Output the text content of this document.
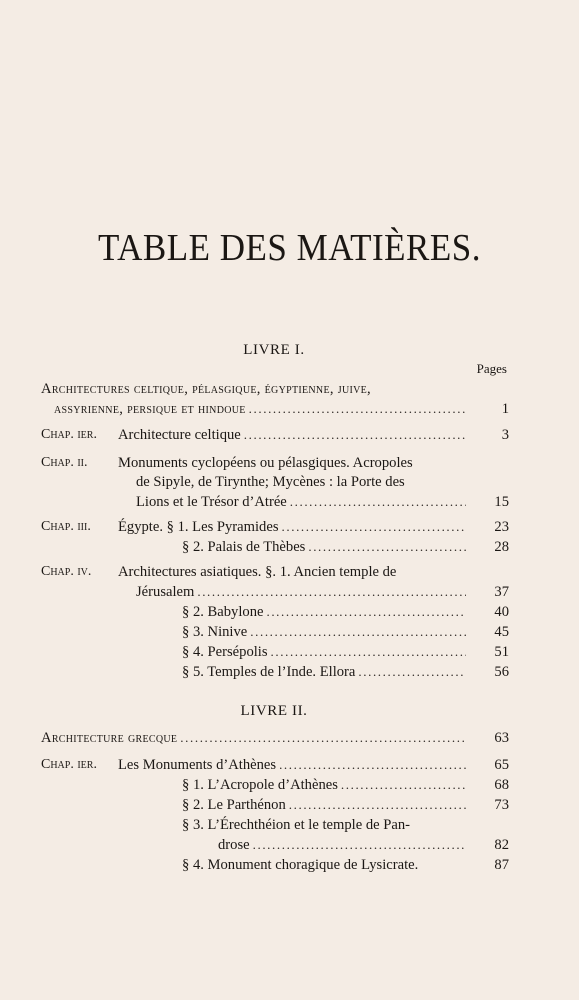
TABLE DES MATIÈRES.
LIVRE I.
Pages
Architectures celtique, pélasgique, égyptienne, juive,
assyrienne, persique et hindoue .....	1
Chap. ier. Architecture celtique .....	3
Chap. ii. Monuments cyclopéens ou pélasgiques. Acropoles
de Sipyle, de Tirynthe; Mycènes : la Porte des
Lions et le Trésor d’Atrée .....	15
Chap. iii. Égypte. § 1. Les Pyramides .....	23
§ 2. Palais de Thèbes .....	28
Chap. iv. Architectures asiatiques. §. 1. Ancien temple de
Jérusalem .....	37
§ 2. Babylone .....	40
§ 3. Ninive .....	45
§ 4. Persépolis .....	51
§ 5. Temples de l’Inde. Ellora .....	56
LIVRE II.
Architecture grecque .....	63
Chap. ier. Les Monuments d’Athènes .....	65
§ 1. L’Acropole d’Athènes .....	68
§ 2. Le Parthénon .....	73
§ 3. L’Érechthéion et le temple de Pan-
drose .....	82
§ 4. Monument choragique de Lysicrate.	87
